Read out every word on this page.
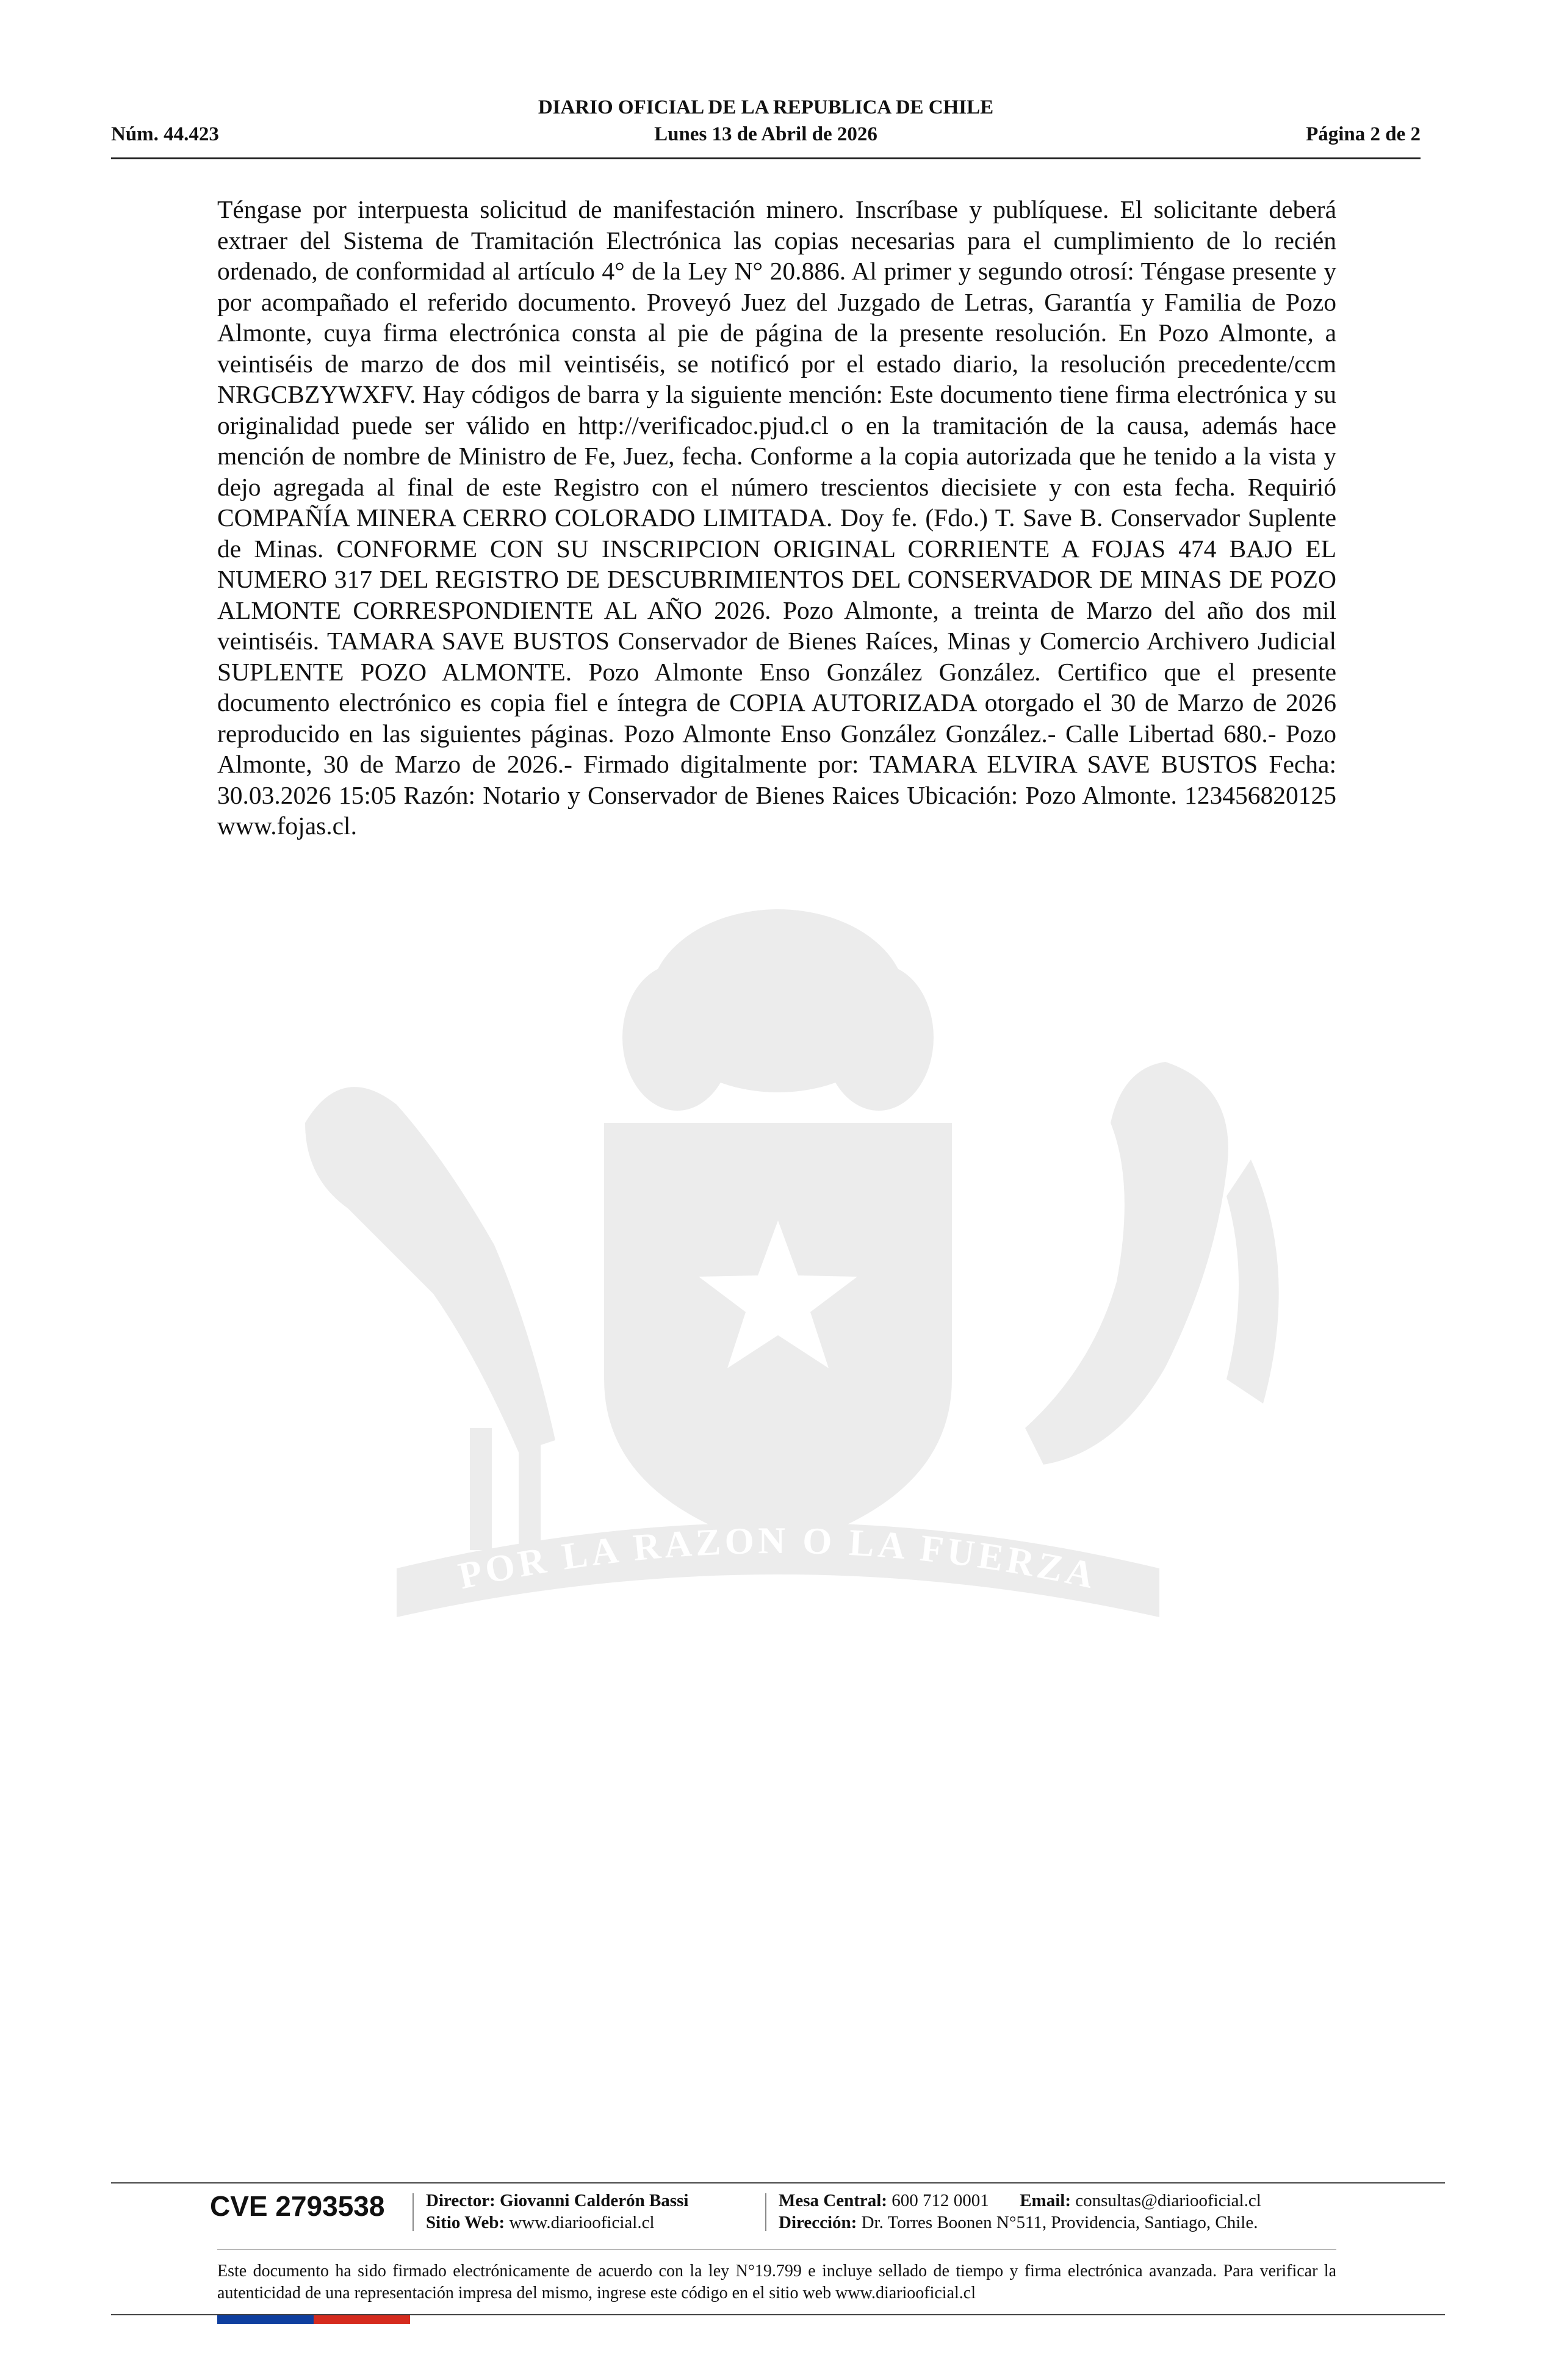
DIARIO OFICIAL DE LA REPUBLICA DE CHILE
Núm. 44.423	Lunes 13 de Abril de 2026	Página 2 de 2
POR LA RAZON O LA FUERZA

Téngase por interpuesta solicitud de manifestación minero. Inscríbase y publíquese. El solicitante deberá extraer del Sistema de Tramitación Electrónica las copias necesarias para el cumplimiento de lo recién ordenado, de conformidad al artículo 4° de la Ley N° 20.886. Al primer y segundo otrosí: Téngase presente y por acompañado el referido documento. Proveyó Juez del Juzgado de Letras, Garantía y Familia de Pozo Almonte, cuya firma electrónica consta al pie de página de la presente resolución. En Pozo Almonte, a veintiséis de marzo de dos mil veintiséis, se notificó por el estado diario, la resolución precedente/ccm NRGCBZYWXFV. Hay códigos de barra y la siguiente mención: Este documento tiene firma electrónica y su originalidad puede ser válido en http://verificadoc.pjud.cl o en la tramitación de la causa, además hace mención de nombre de Ministro de Fe, Juez, fecha. Conforme a la copia autorizada que he tenido a la vista y dejo agregada al final de este Registro con el número trescientos diecisiete y con esta fecha. Requirió COMPAÑÍA MINERA CERRO COLORADO LIMITADA. Doy fe. (Fdo.) T. Save B. Conservador Suplente de Minas. CONFORME CON SU INSCRIPCION ORIGINAL CORRIENTE A FOJAS 474 BAJO EL NUMERO 317 DEL REGISTRO DE DESCUBRIMIENTOS DEL CONSERVADOR DE MINAS DE POZO ALMONTE CORRESPONDIENTE AL AÑO 2026. Pozo Almonte, a treinta de Marzo del año dos mil veintiséis. TAMARA SAVE BUSTOS Conservador de Bienes Raíces, Minas y Comercio Archivero Judicial SUPLENTE POZO ALMONTE. Pozo Almonte Enso González González. Certifico que el presente documento electrónico es copia fiel e íntegra de COPIA AUTORIZADA otorgado el 30 de Marzo de 2026 reproducido en las siguientes páginas. Pozo Almonte Enso González González.- Calle Libertad 680.- Pozo Almonte, 30 de Marzo de 2026.- Firmado digitalmente por: TAMARA ELVIRA SAVE BUSTOS Fecha: 30.03.2026 15:05 Razón: Notario y Conservador de Bienes Raices Ubicación: Pozo Almonte. 123456820125 www.fojas.cl.

CVE 2793538 Director: Giovanni Calderón Bassi
Sitio Web: www.diariooficial.cl
Mesa Central: 600 712 0001 Email: consultas@diariooficial.cl
Dirección: Dr. Torres Boonen N°511, Providencia, Santiago, Chile.
Este documento ha sido firmado electrónicamente de acuerdo con la ley N°19.799 e incluye sellado de tiempo y firma electrónica avanzada. Para verificar la autenticidad de una representación impresa del mismo, ingrese este código en el sitio web www.diariooficial.cl
